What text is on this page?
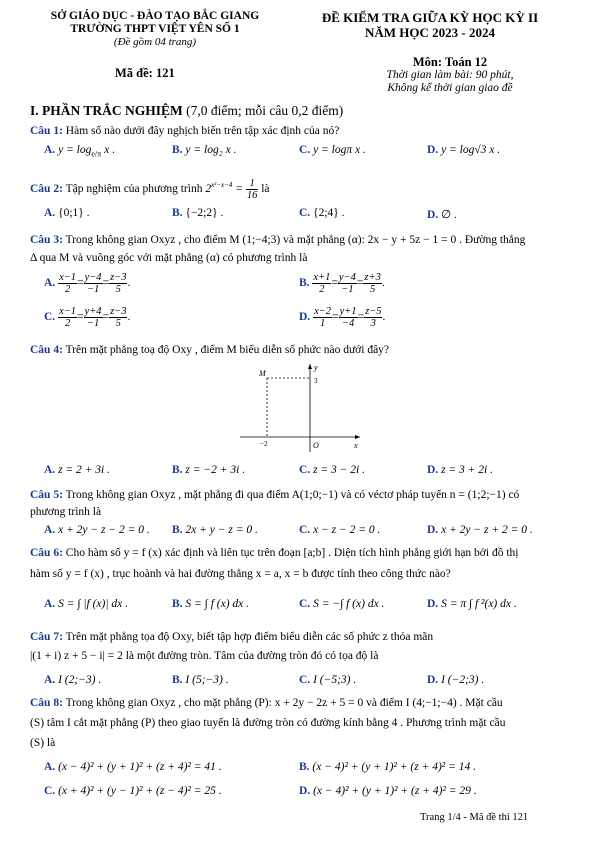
SỞ GIÁO DỤC - ĐÀO TẠO BẮC GIANG
TRƯỜNG THPT VIỆT YÊN SỐ 1
(Đề gồm 04 trang)
ĐỀ KIỂM TRA GIỮA KỲ HỌC KỲ II
NĂM HỌC 2023 - 2024
Mã đề: 121
Môn: Toán 12
Thời gian làm bài: 90 phút,
Không kể thời gian giao đề
I. PHẦN TRẮC NGHIỆM (7,0 điểm; mỗi câu 0,2 điểm)
Câu 1: Hàm số nào dưới đây nghịch biến trên tập xác định của nó?
A. $y = \log_{e/\pi} x$ .	B. y = log₂ x .	C. y = logπ x .	D. y = log√3 x .
Câu 2: Tập nghiệm của phương trình $2^{x^2-x-4} = \frac{1}{16}$ là
A. {0;1} .	B. {−2;2} .	C. {2;4} .	D. ∅ .
Câu 3: Trong không gian Oxyz , cho điểm M (1;−4;3) và mặt phẳng (α): 2x − y + 5z − 1 = 0 . Đường thẳng
Δ qua M và vuông góc với mặt phẳng (α) có phương trình là
A. $\frac{x-1}{2} = \frac{y-4}{-1} = \frac{z-3}{5}$ .	B. $\frac{x+1}{2} = \frac{y-4}{-1} = \frac{z+3}{5}$ .
C. $\frac{x-1}{2} = \frac{y+4}{-1} = \frac{z-3}{5}$ .	D. $\frac{x-2}{1} = \frac{y+1}{-4} = \frac{z-5}{3}$ .
Câu 4: Trên mặt phẳng toạ độ Oxy , điểm M biểu diễn số phức nào dưới đây?
y
x
O
M
3
−2
A. z = 2 + 3i .	B. z = −2 + 3i .	C. z = 3 − 2i .	D. z = 3 + 2i .
Câu 5: Trong không gian Oxyz , mặt phẳng đi qua điểm A(1;0;−1) và có véctơ pháp tuyến n = (1;2;−1) có
phương trình là
A. x + 2y − z − 2 = 0 . B. 2x + y − z = 0 .	C. x − z − 2 = 0 .	D. x + 2y − z + 2 = 0 .
Câu 6: Cho hàm số y = f (x) xác định và liên tục trên đoạn [a;b] . Diện tích hình phẳng giới hạn bởi đồ thị
hàm số y = f (x) , trục hoành và hai đường thẳng x = a, x = b được tính theo công thức nào?
A. S = ∫ |f (x)| dx .	B. S = ∫ f (x) dx .	C. S = −∫ f (x) dx .	D. S = π ∫ f ²(x) dx .
Câu 7: Trên mặt phẳng tọa độ Oxy, biết tập hợp điểm biểu diễn các số phức z thỏa mãn
|(1 + i) z + 5 − i| = 2 là một đường tròn. Tâm của đường tròn đó có tọa độ là
A. I (2;−3) .	B. I (5;−3) .	C. I (−5;3) .	D. I (−2;3) .
Câu 8: Trong không gian Oxyz , cho mặt phẳng (P): x + 2y − 2z + 5 = 0 và điểm I (4;−1;−4) . Mặt cầu
(S) tâm I cắt mặt phẳng (P) theo giao tuyến là đường tròn có đường kính bằng 4 . Phương trình mặt cầu
(S) là
A. (x − 4)² + (y + 1)² + (z + 4)² = 41 .	B. (x − 4)² + (y + 1)² + (z + 4)² = 14 .
C. (x + 4)² + (y − 1)² + (z − 4)² = 25 .	D. (x − 4)² + (y + 1)² + (z + 4)² = 29 .
Trang 1/4 - Mã đề thi 121
